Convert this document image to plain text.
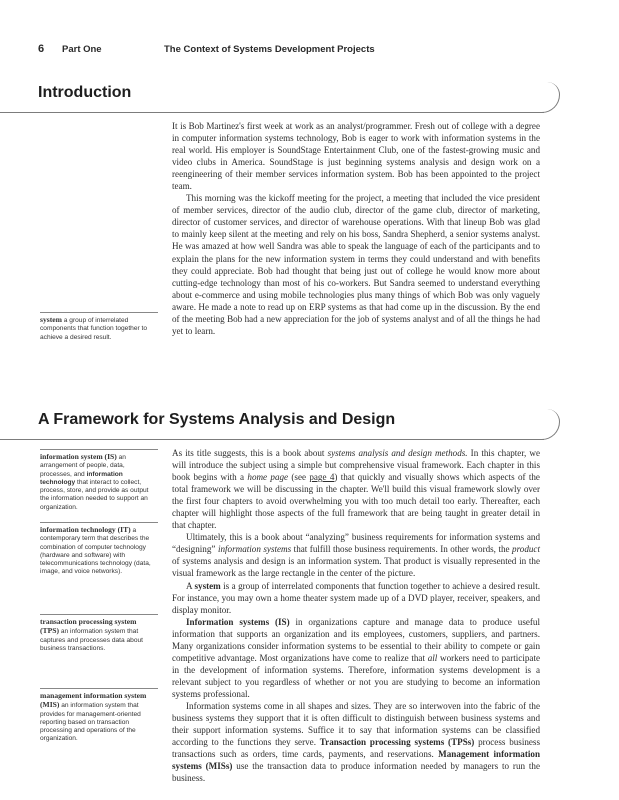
6 Part One	The Context of Systems Development Projects
Introduction

It is Bob Martinez's first week at work as an analyst/programmer. Fresh out of college with a degree in computer information systems technology, Bob is eager to work with information systems in the real world. His employer is SoundStage Entertainment Club, one of the fastest-growing music and video clubs in America. SoundStage is just beginning systems analysis and design work on a reengineering of their member services information system. Bob has been appointed to the project team.

This morning was the kickoff meeting for the project, a meeting that included the vice president of member services, director of the audio club, director of the game club, director of marketing, director of customer services, and director of warehouse operations. With that lineup Bob was glad to mainly keep silent at the meeting and rely on his boss, Sandra Shepherd, a senior systems analyst. He was amazed at how well Sandra was able to speak the language of each of the participants and to explain the plans for the new information system in terms they could understand and with benefits they could appreciate. Bob had thought that being just out of college he would know more about cutting-edge technology than most of his co-workers. But Sandra seemed to understand everything about e-commerce and using mobile technologies plus many things of which Bob was only vaguely aware. He made a note to read up on ERP systems as that had come up in the discussion. By the end of the meeting Bob had a new appreciation for the job of systems analyst and of all the things he had yet to learn.

system a group of interrelated components that function together to achieve a desired result.
A Framework for Systems Analysis and Design

As its title suggests, this is a book about systems analysis and design methods. In this chapter, we will introduce the subject using a simple but comprehensive visual framework. Each chapter in this book begins with a home page (see page 4) that quickly and visually shows which aspects of the total framework we will be discussing in the chapter. We'll build this visual framework slowly over the first four chapters to avoid overwhelming you with too much detail too early. Thereafter, each chapter will highlight those aspects of the full framework that are being taught in greater detail in that chapter.

Ultimately, this is a book about “analyzing” business requirements for information systems and “designing” information systems that fulfill those business requirements. In other words, the product of systems analysis and design is an information system. That product is visually represented in the visual framework as the large rectangle in the center of the picture.

A system is a group of interrelated components that function together to achieve a desired result. For instance, you may own a home theater system made up of a DVD player, receiver, speakers, and display monitor.

Information systems (IS) in organizations capture and manage data to produce useful information that supports an organization and its employees, customers, suppliers, and partners. Many organizations consider information systems to be essential to their ability to compete or gain competitive advantage. Most organizations have come to realize that all workers need to participate in the development of information systems. Therefore, information systems development is a relevant subject to you regardless of whether or not you are studying to become an information systems professional.

Information systems come in all shapes and sizes. They are so interwoven into the fabric of the business systems they support that it is often difficult to distinguish between business systems and their support information systems. Suffice it to say that information systems can be classified according to the functions they serve. Transaction processing systems (TPSs) process business transactions such as orders, time cards, payments, and reservations. Management information systems (MISs) use the transaction data to produce information needed by managers to run the business.

information system (IS) an arrangement of people, data, processes, and information technology that interact to collect, process, store, and provide as output the information needed to support an organization.
information technology (IT) a contemporary term that describes the combination of computer technology (hardware and software) with telecommunications technology (data, image, and voice networks).
transaction processing system (TPS) an information system that captures and processes data about business transactions.
management information system (MIS) an information system that provides for management-oriented reporting based on transaction processing and operations of the organization.
